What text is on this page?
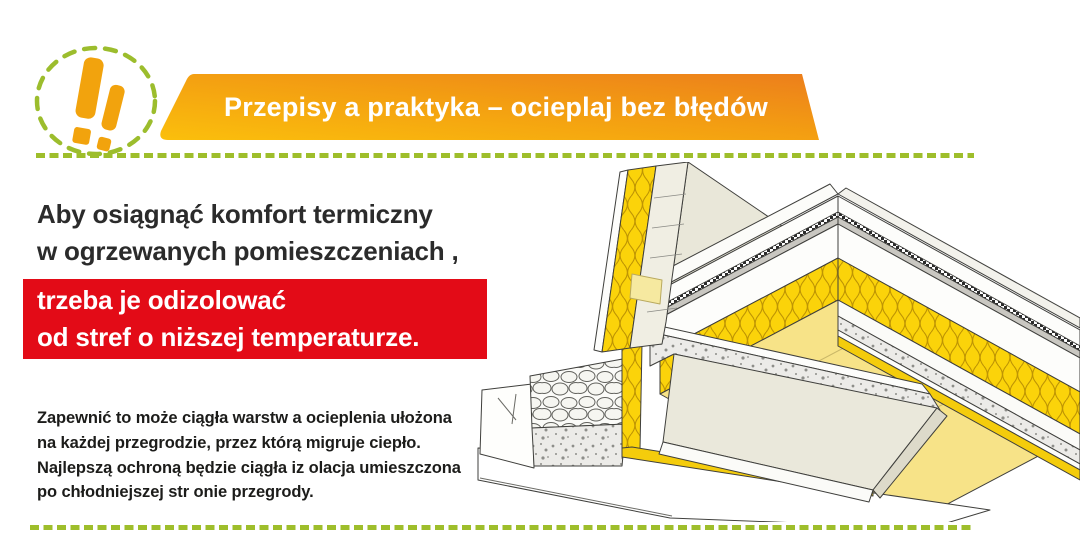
Przepisy a praktyka – ocieplaj bez błędów
Aby osiągnąć komfort termiczny
w ogrzewanych pomieszczeniach ,
trzeba je odizolować
od stref o niższej temperaturze.
Zapewnić to może ciągła warstw a ocieplenia ułożona
na każdej przegrodzie, przez którą migruje ciepło.
Najlepszą ochroną będzie ciągła iz olacja umieszczona
po chłodniejszej str onie przegrody.
